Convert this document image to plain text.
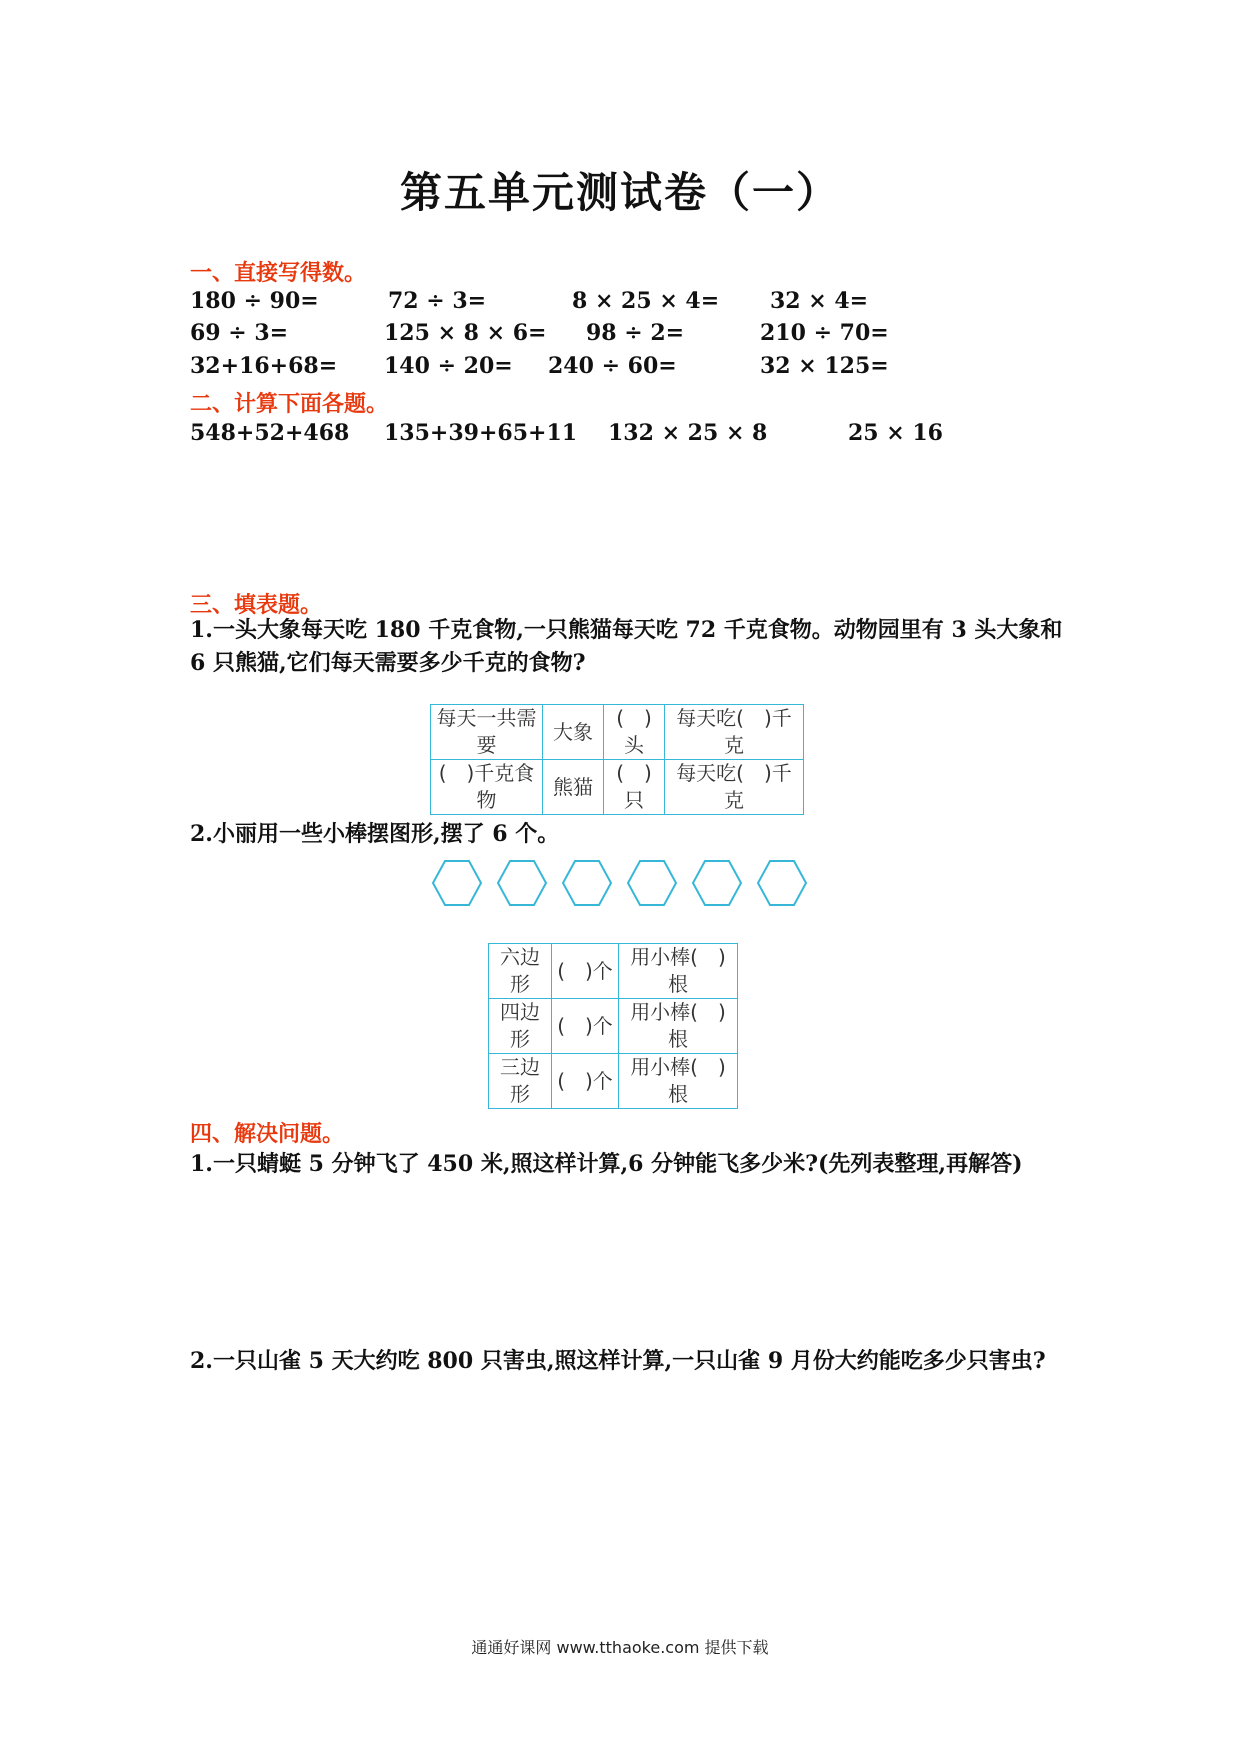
第五单元测试卷（一）
一、直接写得数。
180 ÷ 90=	72 ÷ 3=	8 × 25 × 4= 32 × 4=
69 ÷ 3=	125 × 8 × 6= 98 ÷ 2=	210 ÷ 70=
32+16+68= 140 ÷ 20= 240 ÷ 60=	32 × 125=
二、计算下面各题。
548+52+468 135+39+65+11 132 × 25 × 8	25 × 16
三、填表题。
1.一头大象每天吃 180 千克食物,一只熊猫每天吃 72 千克食物。动物园里有 3 头大象和 6 只熊猫,它们每天需要多少千克的食物?
每天一共需要	大象	(　)头	每天吃(　)千克
(　)千克食物	熊猫	(　)只	每天吃(　)千克
2.小丽用一些小棒摆图形,摆了 6 个。
六边形	(　)个	用小棒(　)根
四边形	(　)个	用小棒(　)根
三边形	(　)个	用小棒(　)根
四、解决问题。
1.一只蜻蜓 5 分钟飞了 450 米,照这样计算,6 分钟能飞多少米?(先列表整理,再解答)
2.一只山雀 5 天大约吃 800 只害虫,照这样计算,一只山雀 9 月份大约能吃多少只害虫?
通通好课网 www.tthaoke.com 提供下载
